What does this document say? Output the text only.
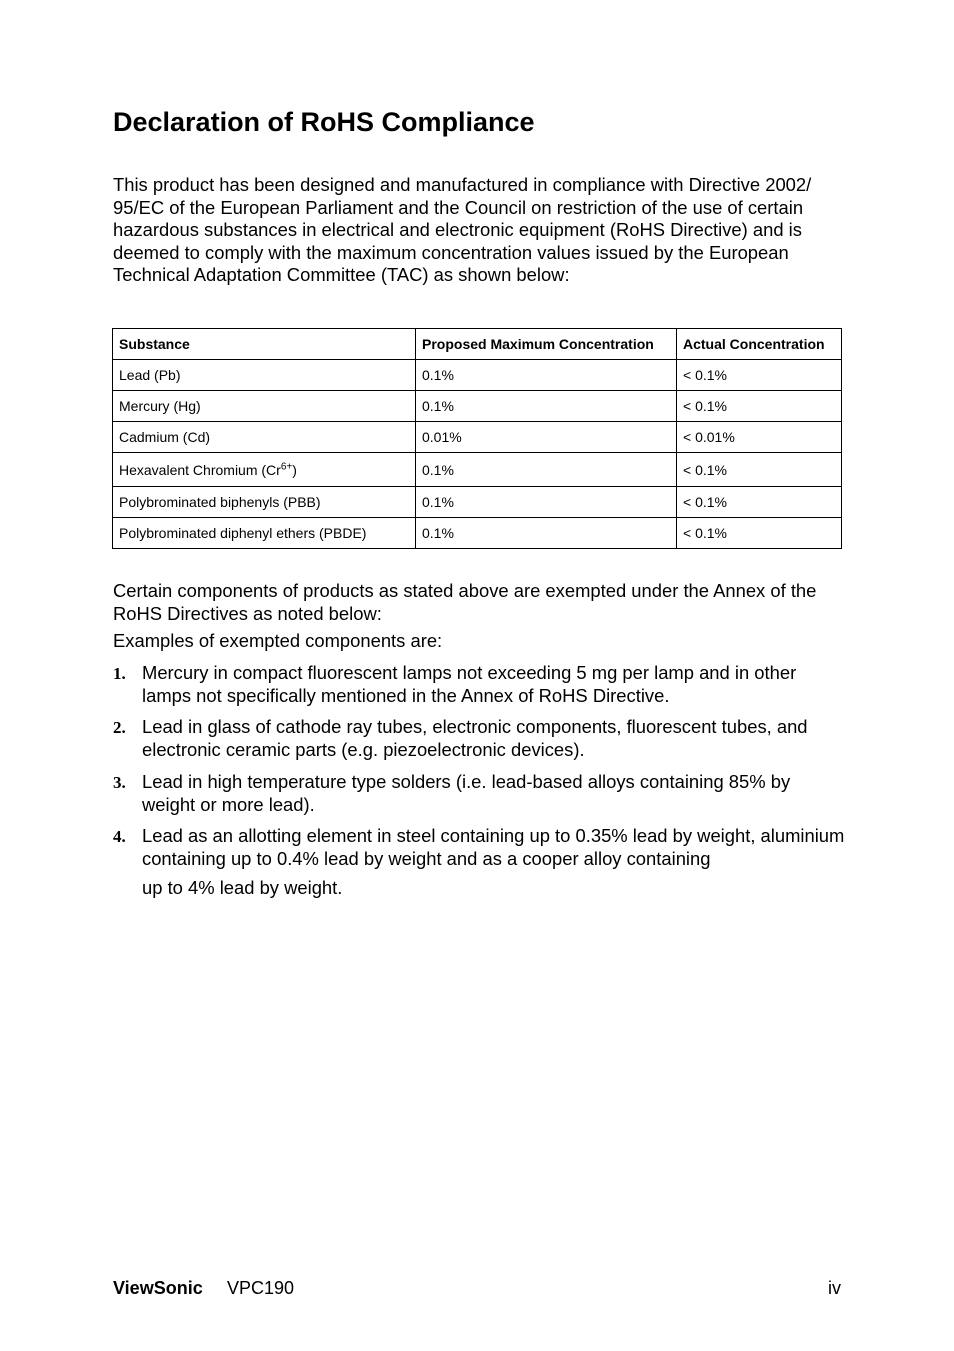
Declaration of RoHS Compliance

This product has been designed and manufactured in compliance with Directive 2002/ 95/EC of the European Parliament and the Council on restriction of the use of certain hazardous substances in electrical and electronic equipment (RoHS Directive) and is deemed to comply with the maximum concentration values issued by the European Technical Adaptation Committee (TAC) as shown below:

Substance	Proposed Maximum Concentration	Actual Concentration
Lead (Pb)	0.1%	< 0.1%
Mercury (Hg)	0.1%	< 0.1%
Cadmium (Cd)	0.01%	< 0.01%
Hexavalent Chromium $(Cr^{6+})$	0.1%	< 0.1%
Polybrominated biphenyls (PBB)	0.1%	< 0.1%
Polybrominated diphenyl ethers (PBDE)	0.1%	< 0.1%

Certain components of products as stated above are exempted under the Annex of the RoHS Directives as noted below:

Examples of exempted components are:

1. Mercury in compact fluorescent lamps not exceeding 5 mg per lamp and in other lamps not specifically mentioned in the Annex of RoHS Directive.
2. Lead in glass of cathode ray tubes, electronic components, fluorescent tubes, and electronic ceramic parts (e.g. piezoelectronic devices).
3. Lead in high temperature type solders (i.e. lead-based alloys containing 85% by weight or more lead).
4. Lead as an allotting element in steel containing up to 0.35% lead by weight, aluminium containing up to 0.4% lead by weight and as a cooper alloy containing
up to 4% lead by weight.
ViewSonic VPC190	iv
